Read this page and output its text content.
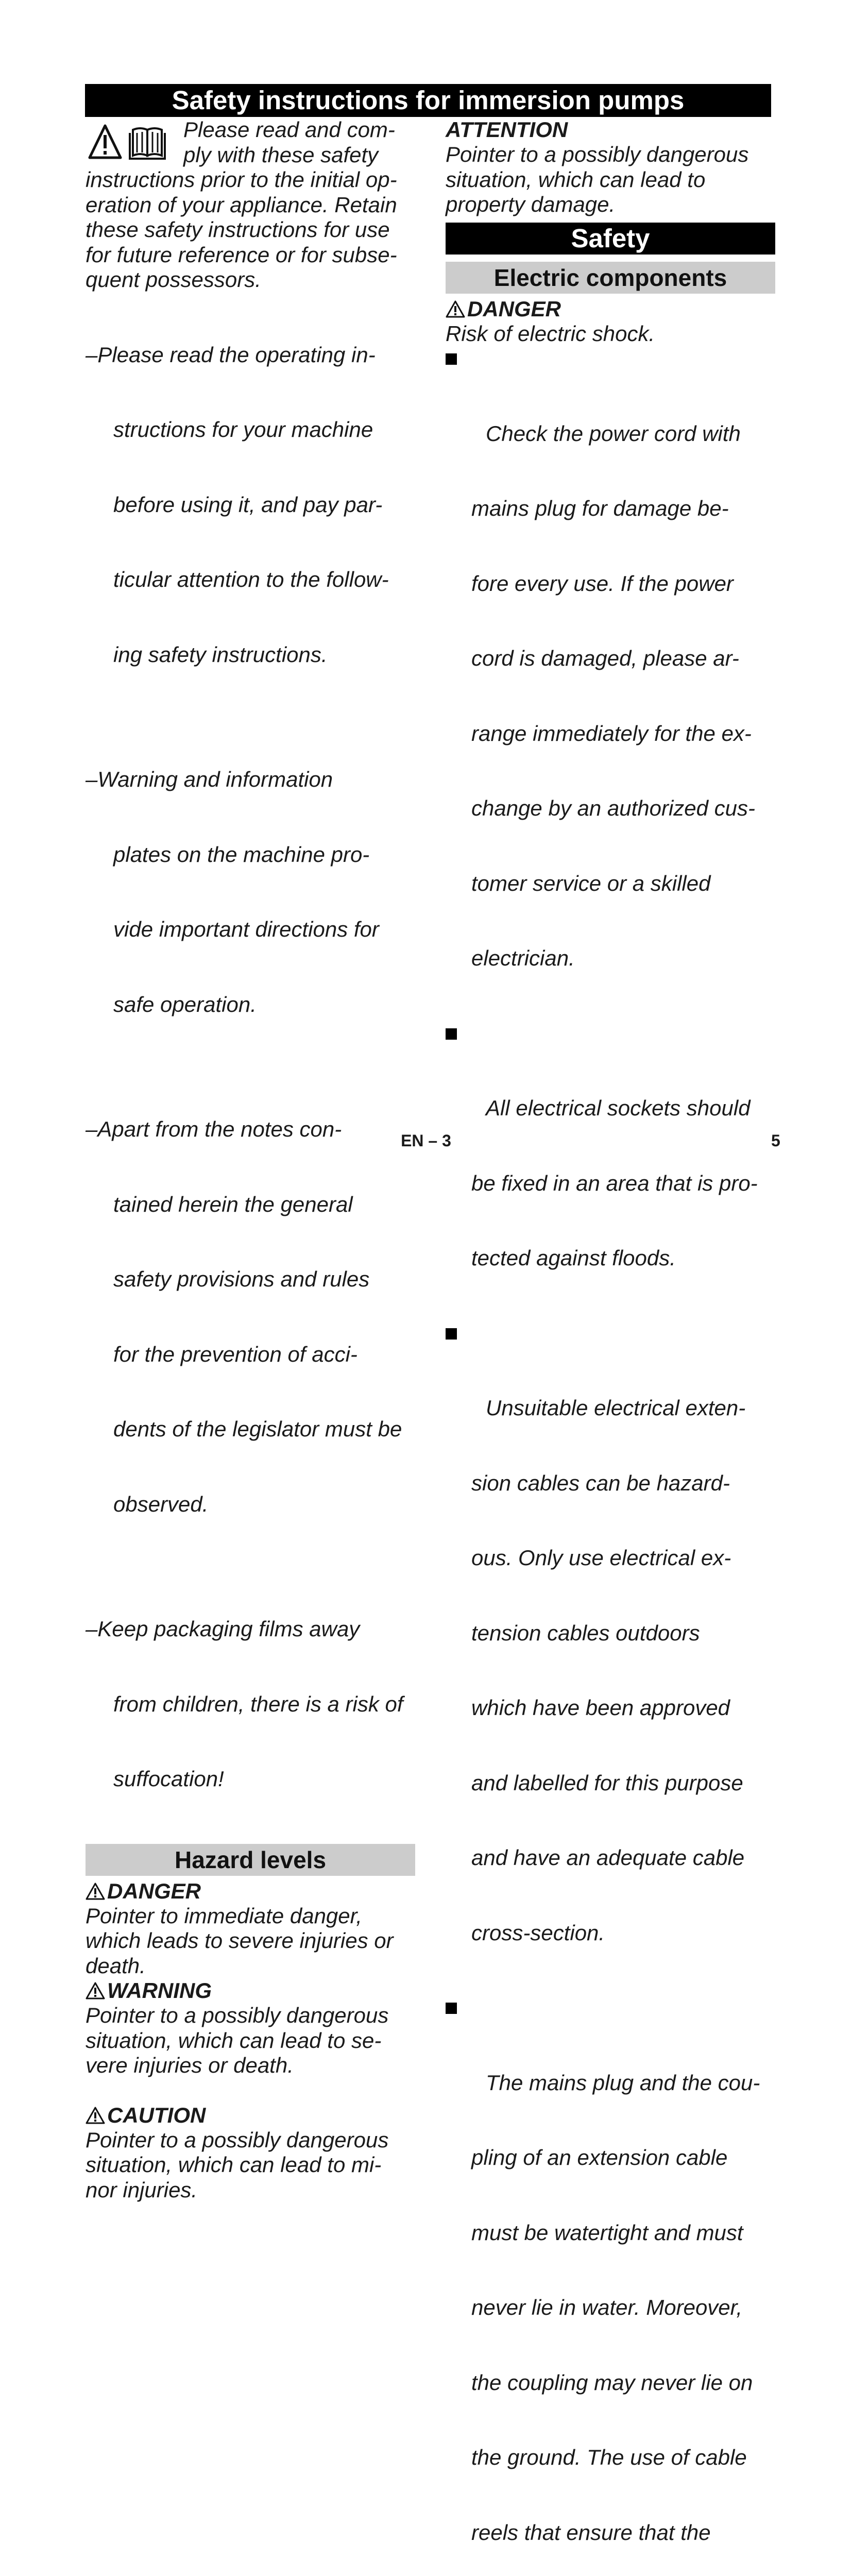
Safety instructions for immersion pumps
Please read and com-
ply with these safety
instructions prior to the initial op-
eration of your appliance. Retain
these safety instructions for use
for future reference or for subse-
quent possessors.

–Please read the operating in-

structions for your machine

before using it, and pay par-

ticular attention to the follow-

ing safety instructions.

–Warning and information

plates on the machine pro-

vide important directions for

safe operation.

–Apart from the notes con-

tained herein the general

safety provisions and rules

for the prevention of acci-

dents of the legislator must be

observed.

–Keep packaging films away

from children, there is a risk of

suffocation!

Hazard levels
DANGER
Pointer to immediate danger,
which leads to severe injuries or
death.
WARNING
Pointer to a possibly dangerous
situation, which can lead to se-
vere injuries or death.
CAUTION
Pointer to a possibly dangerous
situation, which can lead to mi-
nor injuries.
ATTENTION
Pointer to a possibly dangerous
situation, which can lead to
property damage.
Safety
Electric components
DANGER
Risk of electric shock.

Check the power cord with

mains plug for damage be-

fore every use. If the power

cord is damaged, please ar-

range immediately for the ex-

change by an authorized cus-

tomer service or a skilled

electrician.

All electrical sockets should

be fixed in an area that is pro-

tected against floods.

Unsuitable electrical exten-

sion cables can be hazard-

ous. Only use electrical ex-

tension cables outdoors

which have been approved

and labelled for this purpose

and have an adequate cable

cross-section.

The mains plug and the cou-

pling of an extension cable

must be watertight and must

never lie in water. Moreover,

the coupling may never lie on

the ground. The use of cable

reels that ensure that the

EN – 3	5
